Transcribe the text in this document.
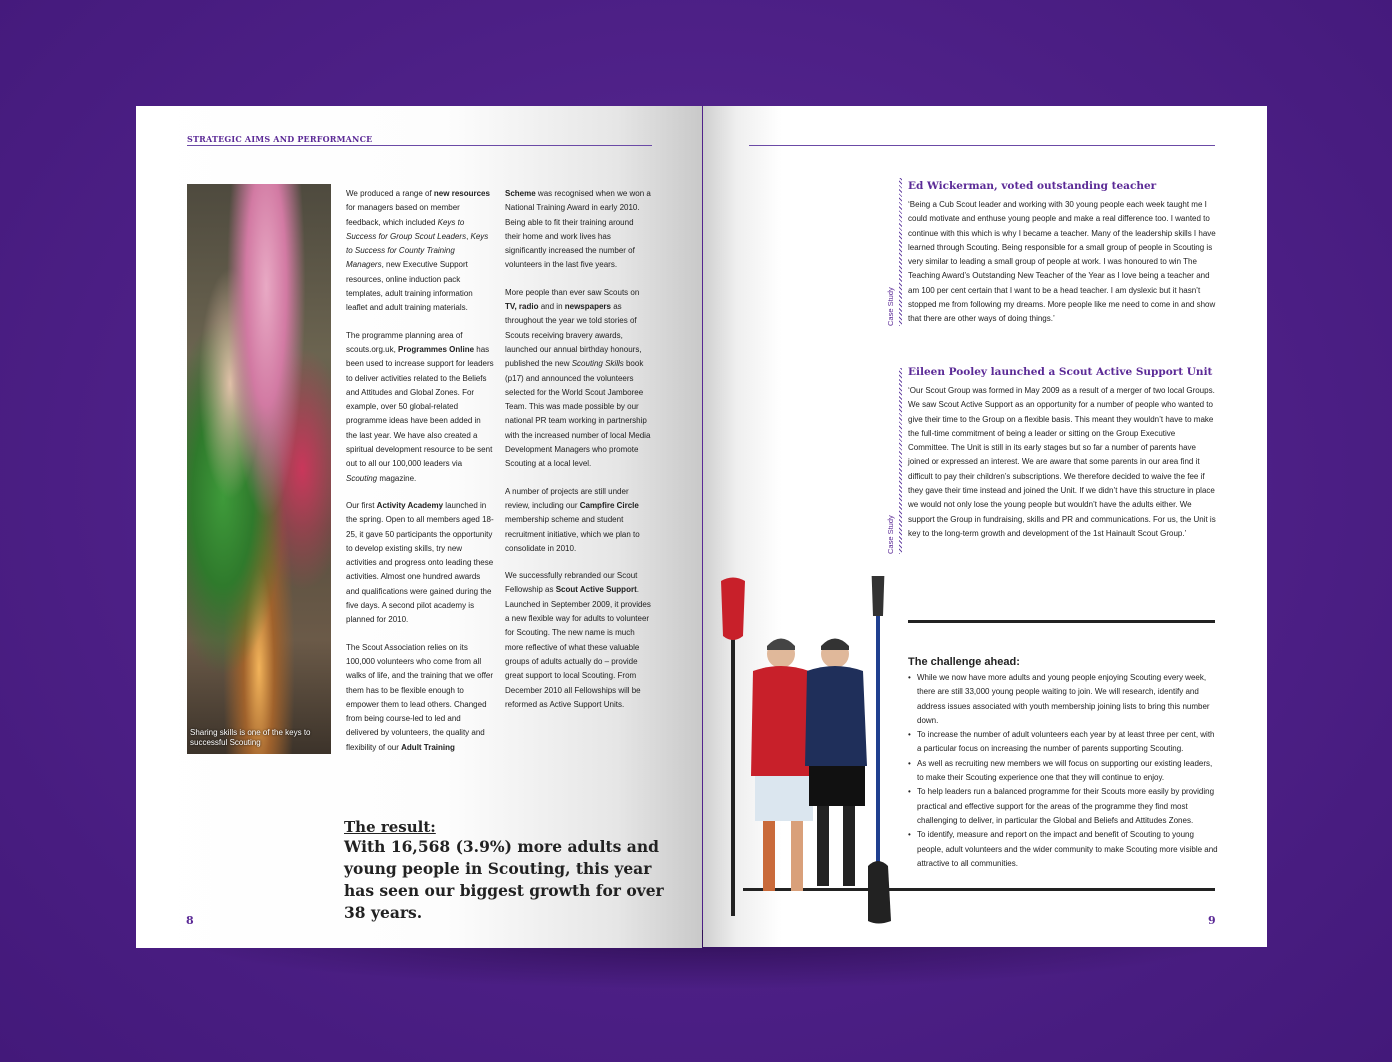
STRATEGIC AIMS AND PERFORMANCE
Sharing skills is one of the keys to successful Scouting

We produced a range of new resources for managers based on member feedback, which included Keys to Success for Group Scout Leaders, Keys to Success for County Training Managers, new Executive Support resources, online induction pack templates, adult training information leaflet and adult training materials.

The programme planning area of scouts.org.uk, Programmes Online has been used to increase support for leaders to deliver activities related to the Beliefs and Attitudes and Global Zones. For example, over 50 global-related programme ideas have been added in the last year. We have also created a spiritual development resource to be sent out to all our 100,000 leaders via Scouting magazine.

Our first Activity Academy launched in the spring. Open to all members aged 18-25, it gave 50 participants the opportunity to develop existing skills, try new activities and progress onto leading these activities. Almost one hundred awards and qualifications were gained during the five days. A second pilot academy is planned for 2010.

The Scout Association relies on its 100,000 volunteers who come from all walks of life, and the training that we offer them has to be flexible enough to empower them to lead others. Changed from being course-led to led and delivered by volunteers, the quality and flexibility of our Adult Training

Scheme was recognised when we won a National Training Award in early 2010. Being able to fit their training around their home and work lives has significantly increased the number of volunteers in the last five years.

More people than ever saw Scouts on TV, radio and in newspapers as throughout the year we told stories of Scouts receiving bravery awards, launched our annual birthday honours, published the new Scouting Skills book (p17) and announced the volunteers selected for the World Scout Jamboree Team. This was made possible by our national PR team working in partnership with the increased number of local Media Development Managers who promote Scouting at a local level.

A number of projects are still under review, including our Campfire Circle membership scheme and student recruitment initiative, which we plan to consolidate in 2010.

We successfully rebranded our Scout Fellowship as Scout Active Support. Launched in September 2009, it provides a new flexible way for adults to volunteer for Scouting. The new name is much more reflective of what these valuable groups of adults actually do – provide great support to local Scouting. From December 2010 all Fellowships will be reformed as Active Support Units.

The result:
With 16,568 (3.9%) more adults and young people in Scouting, this year has seen our biggest growth for over 38 years.
8
Case Study
Ed Wickerman, voted outstanding teacher

‘Being a Cub Scout leader and working with 30 young people each week taught me I could motivate and enthuse young people and make a real difference too. I wanted to continue with this which is why I became a teacher. Many of the leadership skills I have learned through Scouting. Being responsible for a small group of people in Scouting is very similar to leading a small group of people at work. I was honoured to win The Teaching Award’s Outstanding New Teacher of the Year as I love being a teacher and am 100 per cent certain that I want to be a head teacher. I am dyslexic but it hasn’t stopped me from following my dreams. More people like me need to come in and show that there are other ways of doing things.’

Case Study
Eileen Pooley launched a Scout Active Support Unit

‘Our Scout Group was formed in May 2009 as a result of a merger of two local Groups. We saw Scout Active Support as an opportunity for a number of people who wanted to give their time to the Group on a flexible basis. This meant they wouldn’t have to make the full-time commitment of being a leader or sitting on the Group Executive Committee. The Unit is still in its early stages but so far a number of parents have joined or expressed an interest. We are aware that some parents in our area find it difficult to pay their children’s subscriptions. We therefore decided to waive the fee if they gave their time instead and joined the Unit. If we didn’t have this structure in place we would not only lose the young people but wouldn’t have the adults either. We support the Group in fundraising, skills and PR and communications. For us, the Unit is key to the long-term growth and development of the 1st Hainault Scout Group.’

The challenge ahead:
• While we now have more adults and young people enjoying Scouting every week, there are still 33,000 young people waiting to join. We will research, identify and address issues associated with youth membership joining lists to bring this number down.
• To increase the number of adult volunteers each year by at least three per cent, with a particular focus on increasing the number of parents supporting Scouting.
• As well as recruiting new members we will focus on supporting our existing leaders, to make their Scouting experience one that they will continue to enjoy.
• To help leaders run a balanced programme for their Scouts more easily by providing practical and effective support for the areas of the programme they find most challenging to deliver, in particular the Global and Beliefs and Attitudes Zones.
• To identify, measure and report on the impact and benefit of Scouting to young people, adult volunteers and the wider community to make Scouting more visible and attractive to all communities.
9
